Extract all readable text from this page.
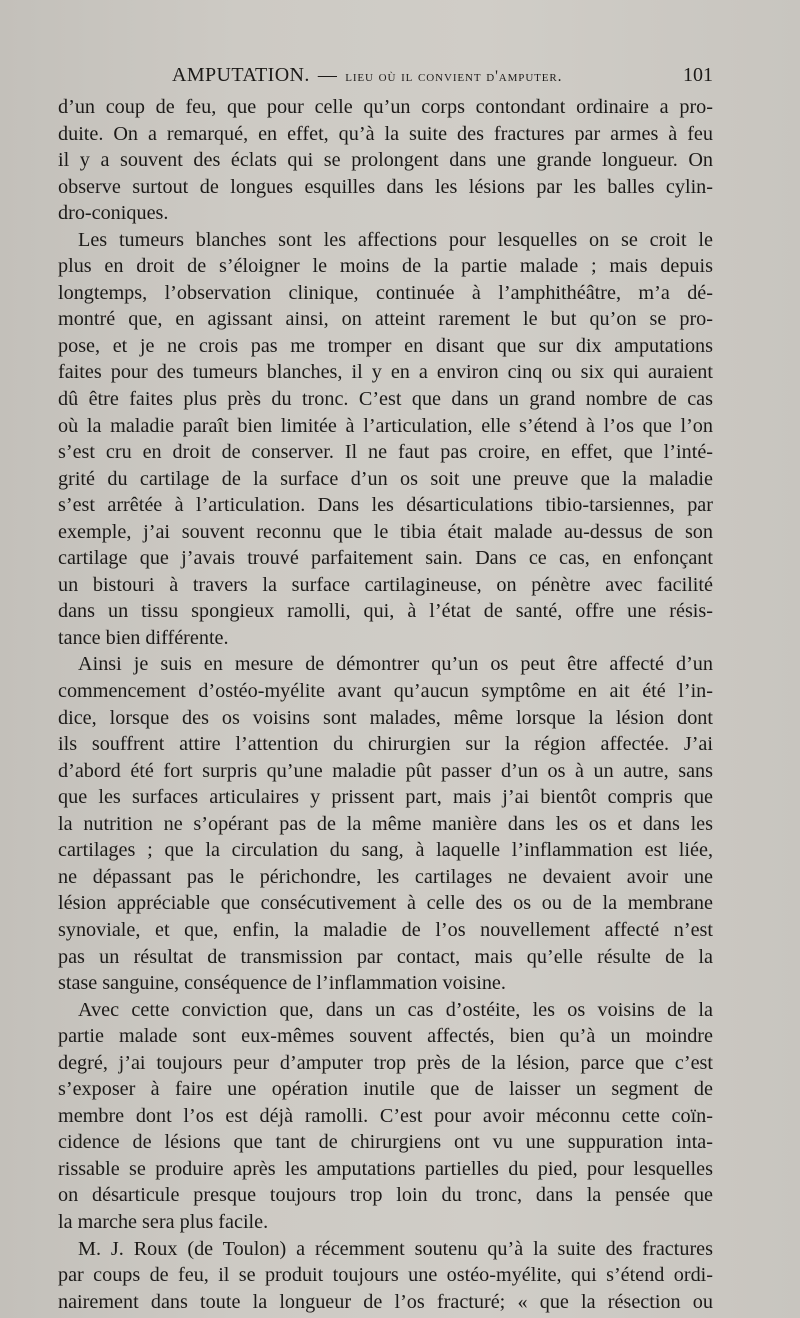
AMPUTATION. — lieu où il convient d'amputer.	101
d’un coup de feu, que pour celle qu’un corps contondant ordinaire a pro-
duite. On a remarqué, en effet, qu’à la suite des fractures par armes à feu
il y a souvent des éclats qui se prolongent dans une grande longueur. On
observe surtout de longues esquilles dans les lésions par les balles cylin-
dro-coniques.
Les tumeurs blanches sont les affections pour lesquelles on se croit le
plus en droit de s’éloigner le moins de la partie malade ; mais depuis
longtemps, l’observation clinique, continuée à l’amphithéâtre, m’a dé-
montré que, en agissant ainsi, on atteint rarement le but qu’on se pro-
pose, et je ne crois pas me tromper en disant que sur dix amputations
faites pour des tumeurs blanches, il y en a environ cinq ou six qui auraient
dû être faites plus près du tronc. C’est que dans un grand nombre de cas
où la maladie paraît bien limitée à l’articulation, elle s’étend à l’os que l’on
s’est cru en droit de conserver. Il ne faut pas croire, en effet, que l’inté-
grité du cartilage de la surface d’un os soit une preuve que la maladie
s’est arrêtée à l’articulation. Dans les désarticulations tibio-tarsiennes, par
exemple, j’ai souvent reconnu que le tibia était malade au-dessus de son
cartilage que j’avais trouvé parfaitement sain. Dans ce cas, en enfonçant
un bistouri à travers la surface cartilagineuse, on pénètre avec facilité
dans un tissu spongieux ramolli, qui, à l’état de santé, offre une résis-
tance bien différente.
Ainsi je suis en mesure de démontrer qu’un os peut être affecté d’un
commencement d’ostéo-myélite avant qu’aucun symptôme en ait été l’in-
dice, lorsque des os voisins sont malades, même lorsque la lésion dont
ils souffrent attire l’attention du chirurgien sur la région affectée. J’ai
d’abord été fort surpris qu’une maladie pût passer d’un os à un autre, sans
que les surfaces articulaires y prissent part, mais j’ai bientôt compris que
la nutrition ne s’opérant pas de la même manière dans les os et dans les
cartilages ; que la circulation du sang, à laquelle l’inflammation est liée,
ne dépassant pas le périchondre, les cartilages ne devaient avoir une
lésion appréciable que consécutivement à celle des os ou de la membrane
synoviale, et que, enfin, la maladie de l’os nouvellement affecté n’est
pas un résultat de transmission par contact, mais qu’elle résulte de la
stase sanguine, conséquence de l’inflammation voisine.
Avec cette conviction que, dans un cas d’ostéite, les os voisins de la
partie malade sont eux-mêmes souvent affectés, bien qu’à un moindre
degré, j’ai toujours peur d’amputer trop près de la lésion, parce que c’est
s’exposer à faire une opération inutile que de laisser un segment de
membre dont l’os est déjà ramolli. C’est pour avoir méconnu cette coïn-
cidence de lésions que tant de chirurgiens ont vu une suppuration inta-
rissable se produire après les amputations partielles du pied, pour lesquelles
on désarticule presque toujours trop loin du tronc, dans la pensée que
la marche sera plus facile.
M. J. Roux (de Toulon) a récemment soutenu qu’à la suite des fractures
par coups de feu, il se produit toujours une ostéo-myélite, qui s’étend ordi-
nairement dans toute la longueur de l’os fracturé; « que la résection ou
